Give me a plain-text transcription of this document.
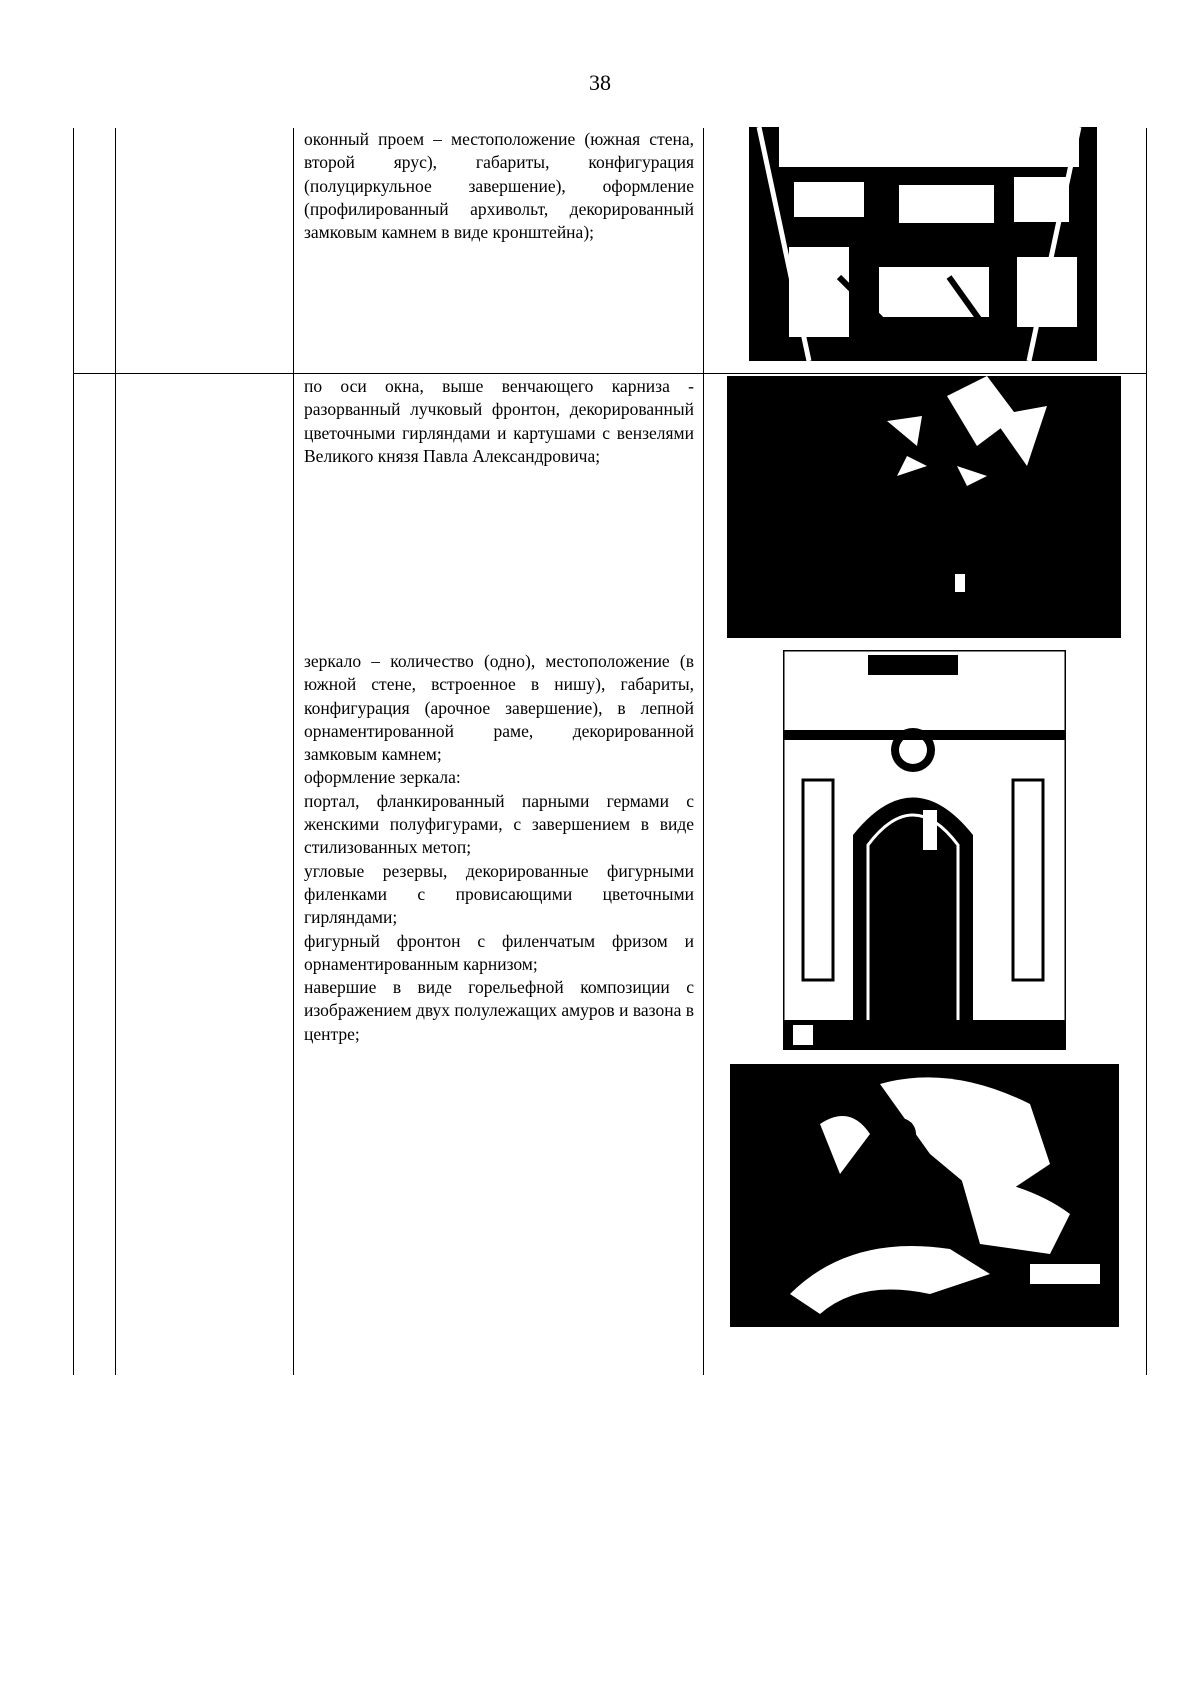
38

оконный проем – местоположение (южная стена, второй ярус), габариты, конфигурация (полуциркульное завершение), оформление (профилированный архивольт, декорированный замковым камнем в виде кронштейна);

по оси окна, выше венчающего карниза - разорванный лучковый фронтон, декорированный цветочными гирляндами и картушами с вензелями Великого князя Павла Александровича;

зеркало – количество (одно), местоположение (в южной стене, встроенное в нишу), габариты, конфигурация (арочное завершение), в лепной орнаментированной раме, декорированной замковым камнем;

оформление зеркала:

портал, фланкированный парными гермами с женскими полуфигурами, с завершением в виде стилизованных метоп;

угловые резервы, декорированные фигурными филенками с провисающими цветочными гирляндами;

фигурный фронтон с филенчатым фризом и орнаментированным карнизом;

навершие в виде горельефной композиции с изображением двух полулежащих амуров и вазона в центре;
